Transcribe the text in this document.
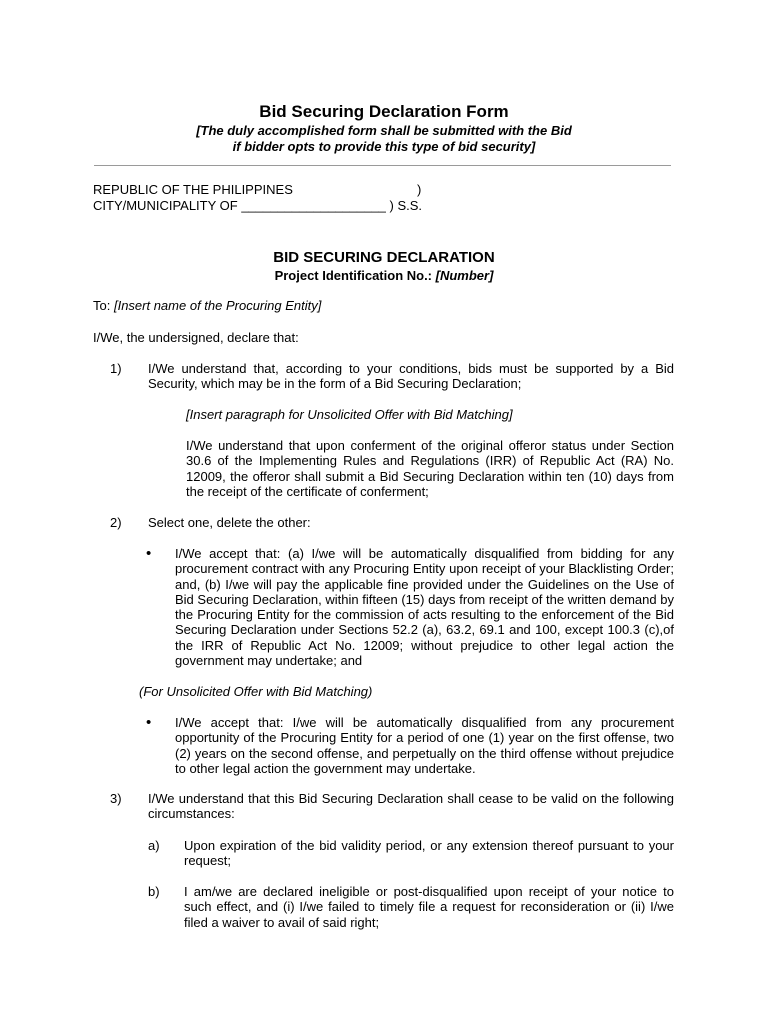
Bid Securing Declaration Form
[The duly accomplished form shall be submitted with the Bid
if bidder opts to provide this type of bid security]
REPUBLIC OF THE PHILIPPINES	)
CITY/MUNICIPALITY OF ____________________ ) S.S.
BID SECURING DECLARATION
Project Identification No.: [Number]
To: [Insert name of the Procuring Entity]
I/We, the undersigned, declare that:
1) I/We understand that, according to your conditions, bids must be supported by a Bid Security, which may be in the form of a Bid Securing Declaration;
[Insert paragraph for Unsolicited Offer with Bid Matching]
I/We understand that upon conferment of the original offeror status under Section 30.6 of the Implementing Rules and Regulations (IRR) of Republic Act (RA) No. 12009, the offeror shall submit a Bid Securing Declaration within ten (10) days from the receipt of the certificate of conferment;
2) Select one, delete the other:
• I/We accept that: (a) I/we will be automatically disqualified from bidding for any procurement contract with any Procuring Entity upon receipt of your Blacklisting Order; and, (b) I/we will pay the applicable fine provided under the Guidelines on the Use of Bid Securing Declaration, within fifteen (15) days from receipt of the written demand by the Procuring Entity for the commission of acts resulting to the enforcement of the Bid Securing Declaration under Sections 52.2 (a), 63.2, 69.1 and 100, except 100.3 (c),of the IRR of Republic Act No. 12009; without prejudice to other legal action the government may undertake; and
(For Unsolicited Offer with Bid Matching)
• I/We accept that: I/we will be automatically disqualified from any procurement opportunity of the Procuring Entity for a period of one (1) year on the first offense, two (2) years on the second offense, and perpetually on the third offense without prejudice to other legal action the government may undertake.
3) I/We understand that this Bid Securing Declaration shall cease to be valid on the following circumstances:
a) Upon expiration of the bid validity period, or any extension thereof pursuant to your request;
b) I am/we are declared ineligible or post-disqualified upon receipt of your notice to such effect, and (i) I/we failed to timely file a request for reconsideration or (ii) I/we filed a waiver to avail of said right;
